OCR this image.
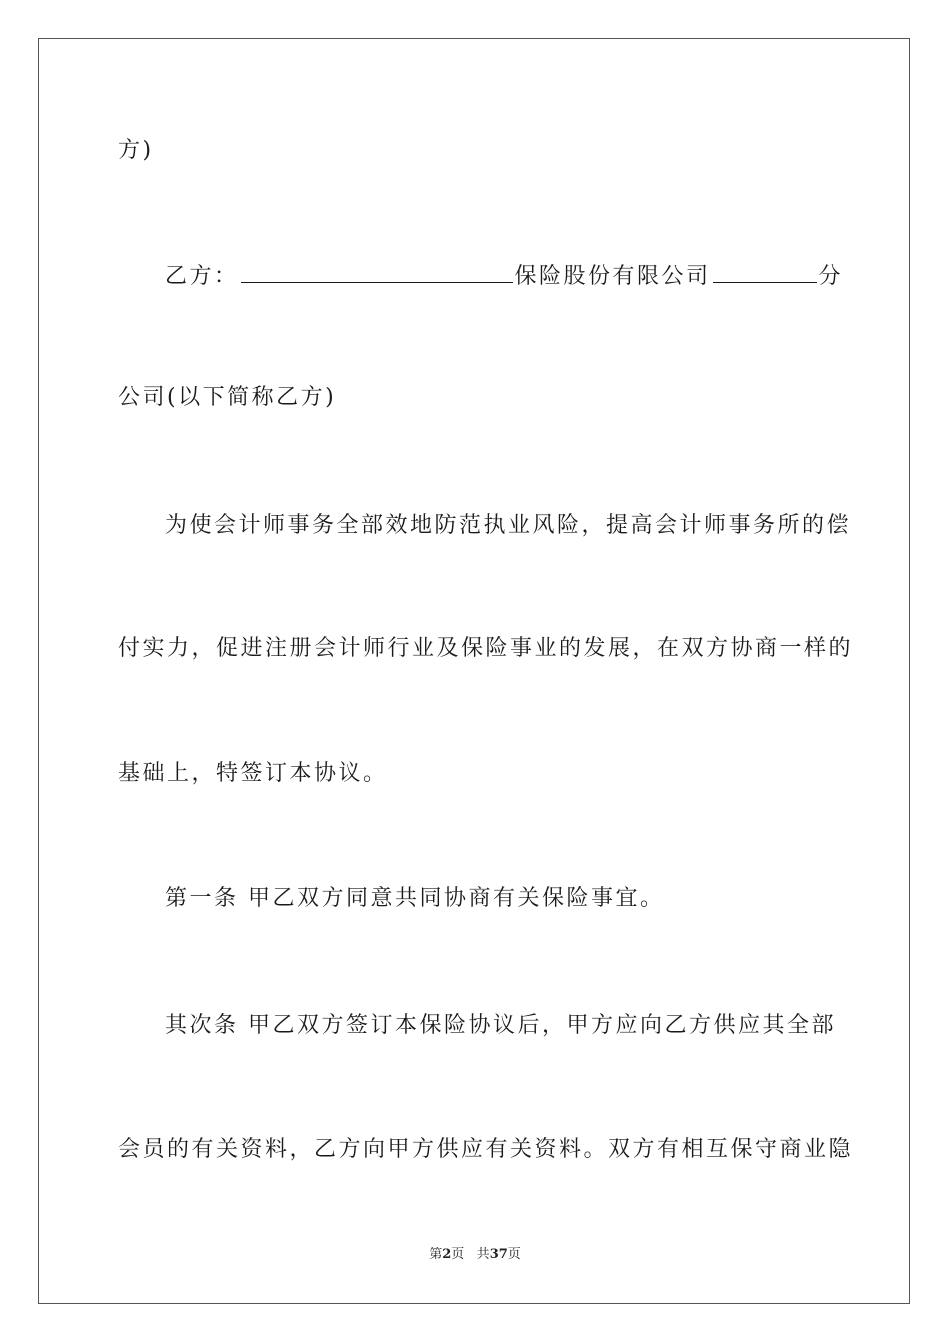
方)
乙方：	保险股份有限公司	分
公司(以下简称乙方)
为使会计师事务全部效地防范执业风险，提高会计师事务所的偿
付实力，促进注册会计师行业及保险事业的发展，在双方协商一样的
基础上，特签订本协议。
第一条 甲乙双方同意共同协商有关保险事宜。
其次条 甲乙双方签订本保险协议后，甲方应向乙方供应其全部
会员的有关资料，乙方向甲方供应有关资料。双方有相互保守商业隐
第2页 共37页
